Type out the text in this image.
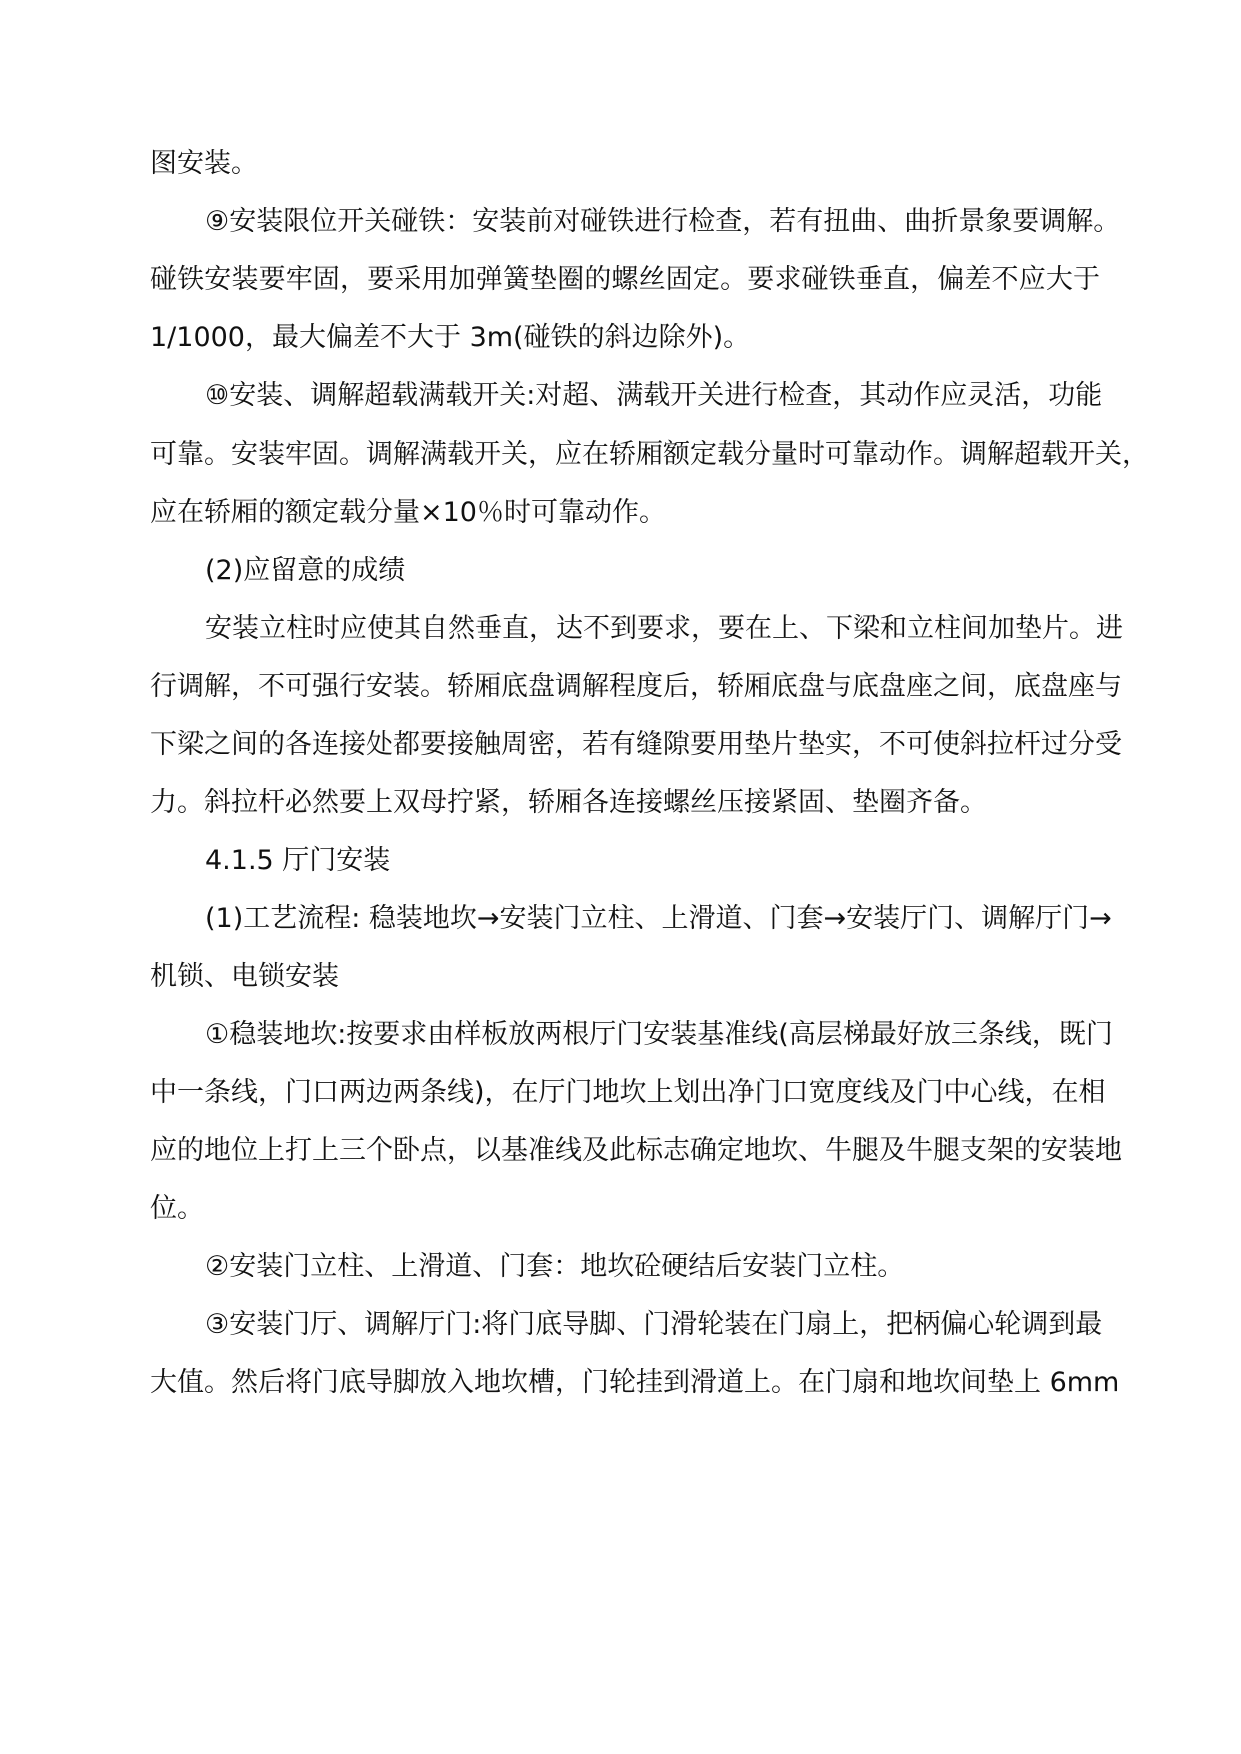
图安装。
⑨安装限位开关碰铁：安装前对碰铁进行检查，若有扭曲、曲折景象要调解。
碰铁安装要牢固，要采用加弹簧垫圈的螺丝固定。要求碰铁垂直，偏差不应大于
1/1000，最大偏差不大于 3m(碰铁的斜边除外)。
⑩安装、调解超载满载开关:对超、满载开关进行检查，其动作应灵活，功能
可靠。安装牢固。调解满载开关，应在轿厢额定载分量时可靠动作。调解超载开关，
应在轿厢的额定载分量×10％时可靠动作。
(2)应留意的成绩
安装立柱时应使其自然垂直，达不到要求，要在上、下梁和立柱间加垫片。进
行调解，不可强行安装。轿厢底盘调解程度后，轿厢底盘与底盘座之间，底盘座与
下梁之间的各连接处都要接触周密，若有缝隙要用垫片垫实，不可使斜拉杆过分受
力。斜拉杆必然要上双母拧紧，轿厢各连接螺丝压接紧固、垫圈齐备。
4.1.5 厅门安装
(1)工艺流程: 稳装地坎→安装门立柱、上滑道、门套→安装厅门、调解厅门→
机锁、电锁安装
①稳装地坎:按要求由样板放两根厅门安装基准线(高层梯最好放三条线，既门
中一条线，门口两边两条线)，在厅门地坎上划出净门口宽度线及门中心线，在相
应的地位上打上三个卧点，以基准线及此标志确定地坎、牛腿及牛腿支架的安装地
位。
②安装门立柱、上滑道、门套：地坎砼硬结后安装门立柱。
③安装门厅、调解厅门:将门底导脚、门滑轮装在门扇上，把柄偏心轮调到最
大值。然后将门底导脚放入地坎槽，门轮挂到滑道上。在门扇和地坎间垫上 6mm
